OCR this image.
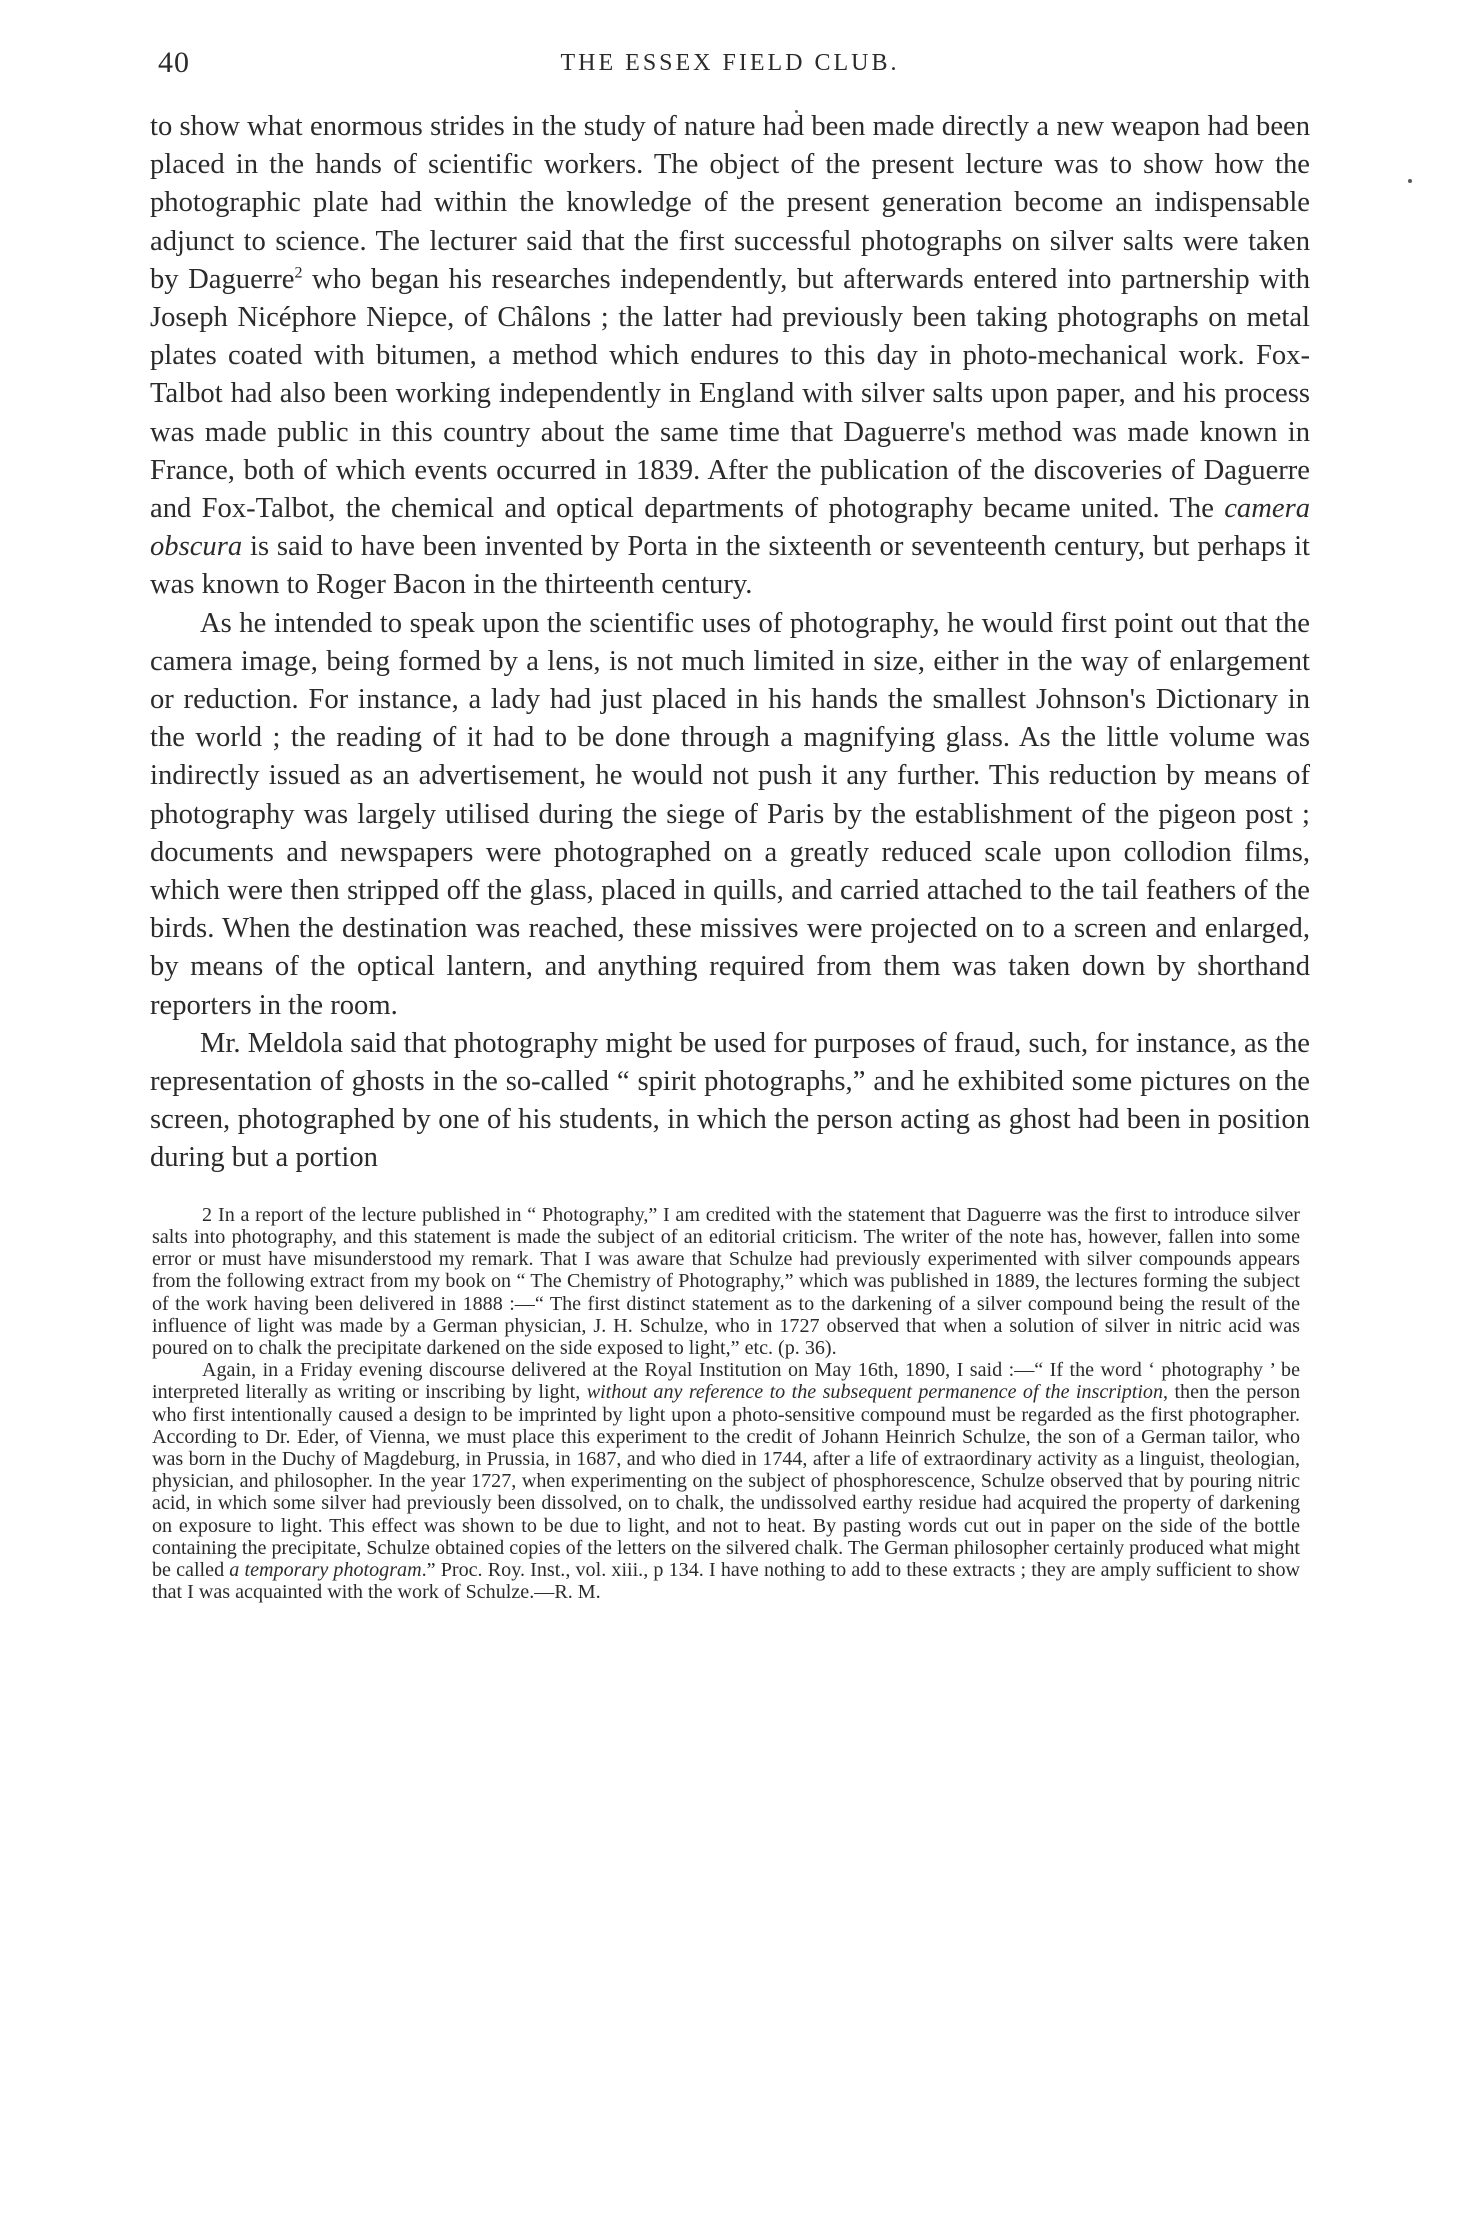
40	THE ESSEX FIELD CLUB.

to show what enormous strides in the study of nature had been made directly a new weapon had been placed in the hands of scientific workers. The object of the present lecture was to show how the photographic plate had within the knowledge of the present generation become an indispensable adjunct to science. The lecturer said that the first successful photographs on silver salts were taken by Daguerre$^2$ who began his researches independently, but afterwards entered into partnership with Joseph Nicéphore Niepce, of Châlons ; the latter had previously been taking photographs on metal plates coated with bitumen, a method which endures to this day in photo-mechanical work. Fox-Talbot had also been working independently in England with silver salts upon paper, and his process was made public in this country about the same time that Daguerre's method was made known in France, both of which events occurred in 1839. After the publication of the discoveries of Daguerre and Fox-Talbot, the chemical and optical departments of photography became united. The camera obscura is said to have been invented by Porta in the sixteenth or seventeenth century, but perhaps it was known to Roger Bacon in the thirteenth century.

As he intended to speak upon the scientific uses of photography, he would first point out that the camera image, being formed by a lens, is not much limited in size, either in the way of enlargement or reduction. For instance, a lady had just placed in his hands the smallest Johnson's Dictionary in the world ; the reading of it had to be done through a magnifying glass. As the little volume was indirectly issued as an advertisement, he would not push it any further. This reduction by means of photography was largely utilised during the siege of Paris by the establishment of the pigeon post ; documents and newspapers were photographed on a greatly reduced scale upon collodion films, which were then stripped off the glass, placed in quills, and carried attached to the tail feathers of the birds. When the destination was reached, these missives were projected on to a screen and enlarged, by means of the optical lantern, and anything required from them was taken down by shorthand reporters in the room.

Mr. Meldola said that photography might be used for purposes of fraud, such, for instance, as the representation of ghosts in the so-called “ spirit photographs,” and he exhibited some pictures on the screen, photographed by one of his students, in which the person acting as ghost had been in position during but a portion

2 In a report of the lecture published in “ Photography,” I am credited with the statement that Daguerre was the first to introduce silver salts into photography, and this statement is made the subject of an editorial criticism. The writer of the note has, however, fallen into some error or must have misunderstood my remark. That I was aware that Schulze had previously experimented with silver compounds appears from the following extract from my book on “ The Chemistry of Photography,” which was published in 1889, the lectures forming the subject of the work having been delivered in 1888 :—“ The first distinct statement as to the darkening of a silver compound being the result of the influence of light was made by a German physician, J. H. Schulze, who in 1727 observed that when a solution of silver in nitric acid was poured on to chalk the precipitate darkened on the side exposed to light,” etc. (p. 36).

Again, in a Friday evening discourse delivered at the Royal Institution on May 16th, 1890, I said :—“ If the word ‘ photography ’ be interpreted literally as writing or inscribing by light, without any reference to the subsequent permanence of the inscription, then the person who first intentionally caused a design to be imprinted by light upon a photo-sensitive compound must be regarded as the first photographer. According to Dr. Eder, of Vienna, we must place this experiment to the credit of Johann Heinrich Schulze, the son of a German tailor, who was born in the Duchy of Magdeburg, in Prussia, in 1687, and who died in 1744, after a life of extraordinary activity as a linguist, theologian, physician, and philosopher. In the year 1727, when experimenting on the subject of phosphorescence, Schulze observed that by pouring nitric acid, in which some silver had previously been dissolved, on to chalk, the undissolved earthy residue had acquired the property of darkening on exposure to light. This effect was shown to be due to light, and not to heat. By pasting words cut out in paper on the side of the bottle containing the precipitate, Schulze obtained copies of the letters on the silvered chalk. The German philosopher certainly produced what might be called a temporary photogram.” Proc. Roy. Inst., vol. xiii., p 134. I have nothing to add to these extracts ; they are amply sufficient to show that I was acquainted with the work of Schulze.—R. M.
